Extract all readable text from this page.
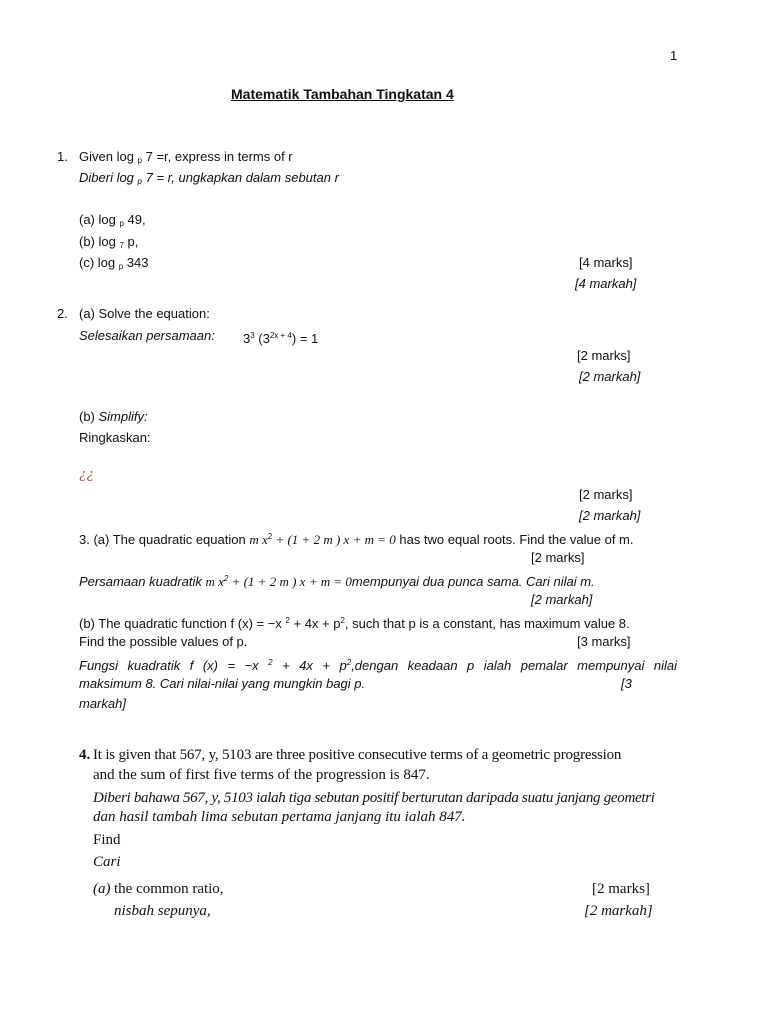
1
Matematik Tambahan Tingkatan 4
1. Given log $_p$ 7 =r, express in terms of r
Diberi log $_p$ 7 = r, ungkapkan dalam sebutan r
(a) log $_p$ 49,
(b) log $_7$ p,
(c) log $_p$ 343	[4 marks]
[4 markah]
2. (a) Solve the equation:
Selesaikan persamaan: $3^3$ $(3^{2x + 4}) = 1$
[2 marks]
[2 markah]
(b) Simplify:
Ringkaskan:
¿¿
[2 marks]
[2 markah]
3. (a) The quadratic equation m $x^2 + (1 + 2$ m ) x + m = 0 has two equal roots. Find the value of m.
[2 marks]
Persamaan kuadratik m $x^2 + (1 + 2$ m ) x + m = 0mempunyai dua punca sama. Cari nilai m.
[2 markah]
(b) The quadratic function f (x) = −x $^2 + 4x + p^2$, such that p is a constant, has maximum value 8.
Find the possible values of p.	[3 marks]
Fungsi kuadratik f (x) = −x $^2 + 4x + p^2,dengan$ keadaan p ialah pemalar mempunyai nilai
maksimum 8. Cari nilai-nilai yang mungkin bagi p.	[3
markah]
4. It is given that 567, y, 5103 are three positive consecutive terms of a geometric progression
and the sum of first five terms of the progression is 847.
Diberi bahawa 567, y, 5103 ialah tiga sebutan positif berturutan daripada suatu janjang geometri
dan hasil tambah lima sebutan pertama janjang itu ialah 847.
Find
Cari
(a) the common ratio,
nisbah sepunya,
[2 marks]
[2 markah]
